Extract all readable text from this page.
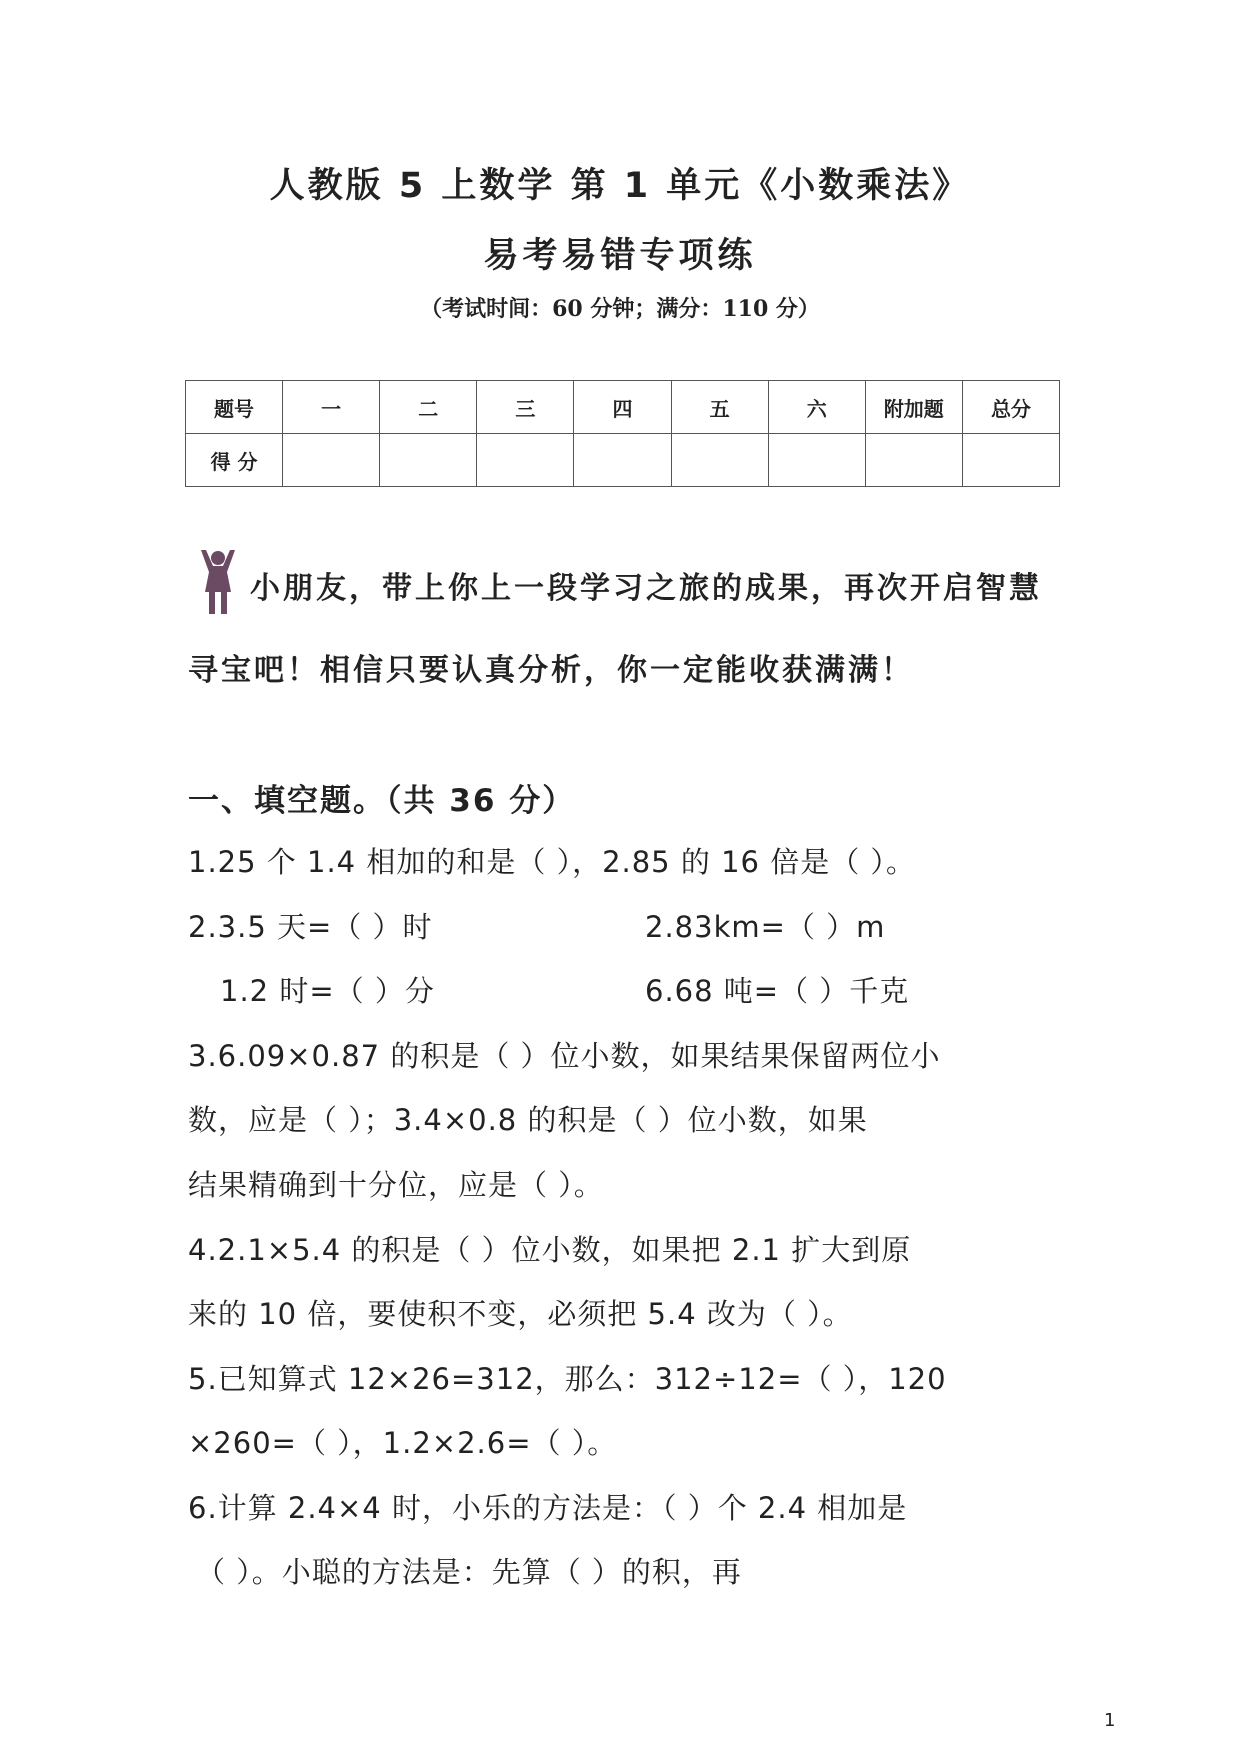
人教版 5 上数学 第 1 单元《小数乘法》
易考易错专项练
（考试时间：60 分钟；满分：110 分）
题号	一	二	三	四	五	六	附加题	总分
得 分								
小朋友，带上你上一段学习之旅的成果，再次开启智慧
寻宝吧！相信只要认真分析，你一定能收获满满！
一、填空题。（共 36 分）
1.25 个 1.4 相加的和是（ ），2.85 的 16 倍是（ ）。
2.3.5 天=（ ）时	2.83km=（ ）m
1.2 时=（ ）分	6.68 吨=（ ）千克
3.6.09×0.87 的积是（ ）位小数，如果结果保留两位小
数，应是（ ）；3.4×0.8 的积是（ ）位小数，如果
结果精确到十分位，应是（ ）。
4.2.1×5.4 的积是（ ）位小数，如果把 2.1 扩大到原
来的 10 倍，要使积不变，必须把 5.4 改为（ ）。
5.已知算式 12×26=312，那么：312÷12=（ ），120
×260=（ ），1.2×2.6=（ ）。
6.计算 2.4×4 时，小乐的方法是：（ ）个 2.4 相加是
（ ）。小聪的方法是：先算（ ）的积，再
1
